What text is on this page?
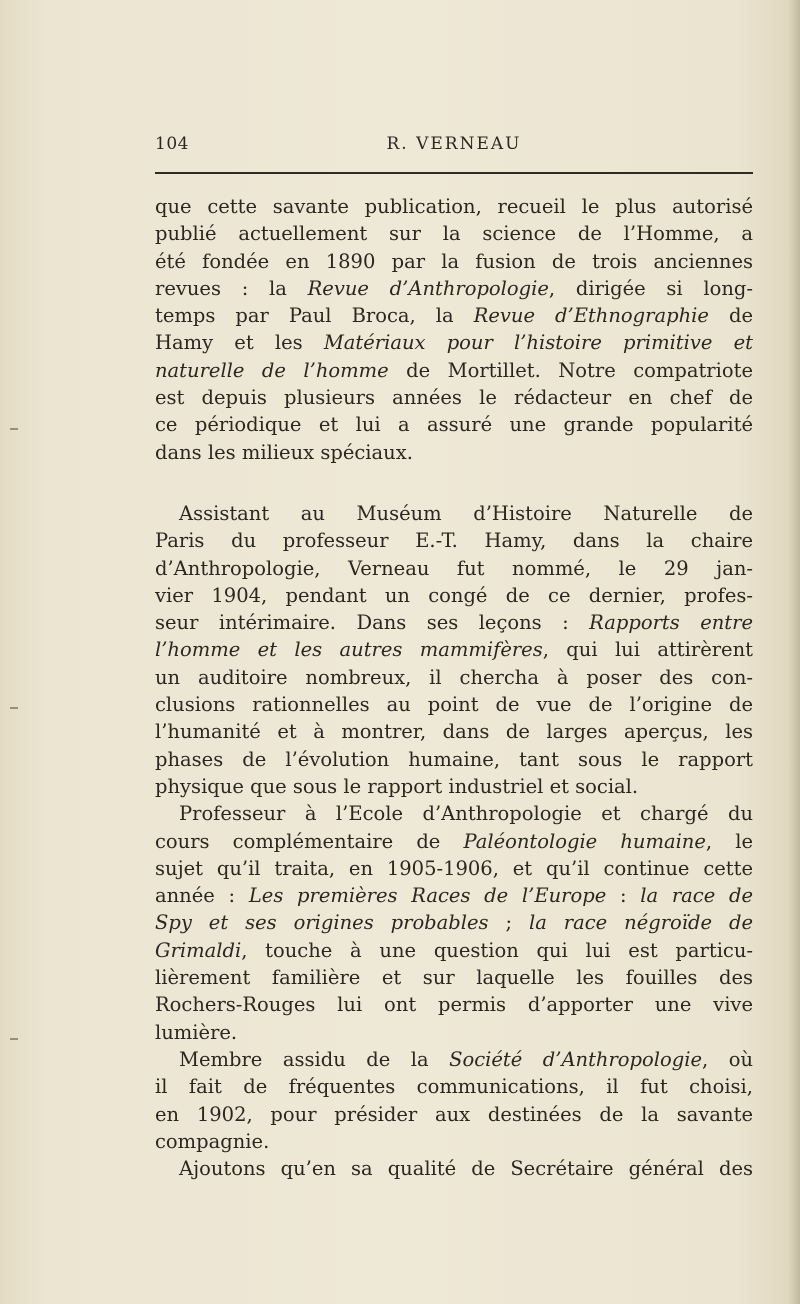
104	R. VERNEAU
que cette savante publication, recueil le plus autorisé
publié actuellement sur la science de l’Homme, a
été fondée en 1890 par la fusion de trois anciennes
revues : la Revue d’Anthropologie, dirigée si long-
temps par Paul Broca, la Revue d’Ethnographie de
Hamy et les Matériaux pour l’histoire primitive et
naturelle de l’homme de Mortillet. Notre compatriote
est depuis plusieurs années le rédacteur en chef de
ce périodique et lui a assuré une grande popularité
dans les milieux spéciaux.
Assistant au Muséum d’Histoire Naturelle de
Paris du professeur E.-T. Hamy, dans la chaire
d’Anthropologie, Verneau fut nommé, le 29 jan-
vier 1904, pendant un congé de ce dernier, profes-
seur intérimaire. Dans ses leçons : Rapports entre
l’homme et les autres mammifères, qui lui attirèrent
un auditoire nombreux, il chercha à poser des con-
clusions rationnelles au point de vue de l’origine de
l’humanité et à montrer, dans de larges aperçus, les
phases de l’évolution humaine, tant sous le rapport
physique que sous le rapport industriel et social.
Professeur à l’Ecole d’Anthropologie et chargé du
cours complémentaire de Paléontologie humaine, le
sujet qu’il traita, en 1905-1906, et qu’il continue cette
année : Les premières Races de l’Europe : la race de
Spy et ses origines probables ; la race négroïde de
Grimaldi, touche à une question qui lui est particu-
lièrement familière et sur laquelle les fouilles des
Rochers-Rouges lui ont permis d’apporter une vive
lumière.
Membre assidu de la Société d’Anthropologie, où
il fait de fréquentes communications, il fut choisi,
en 1902, pour présider aux destinées de la savante
compagnie.
Ajoutons qu’en sa qualité de Secrétaire général des
